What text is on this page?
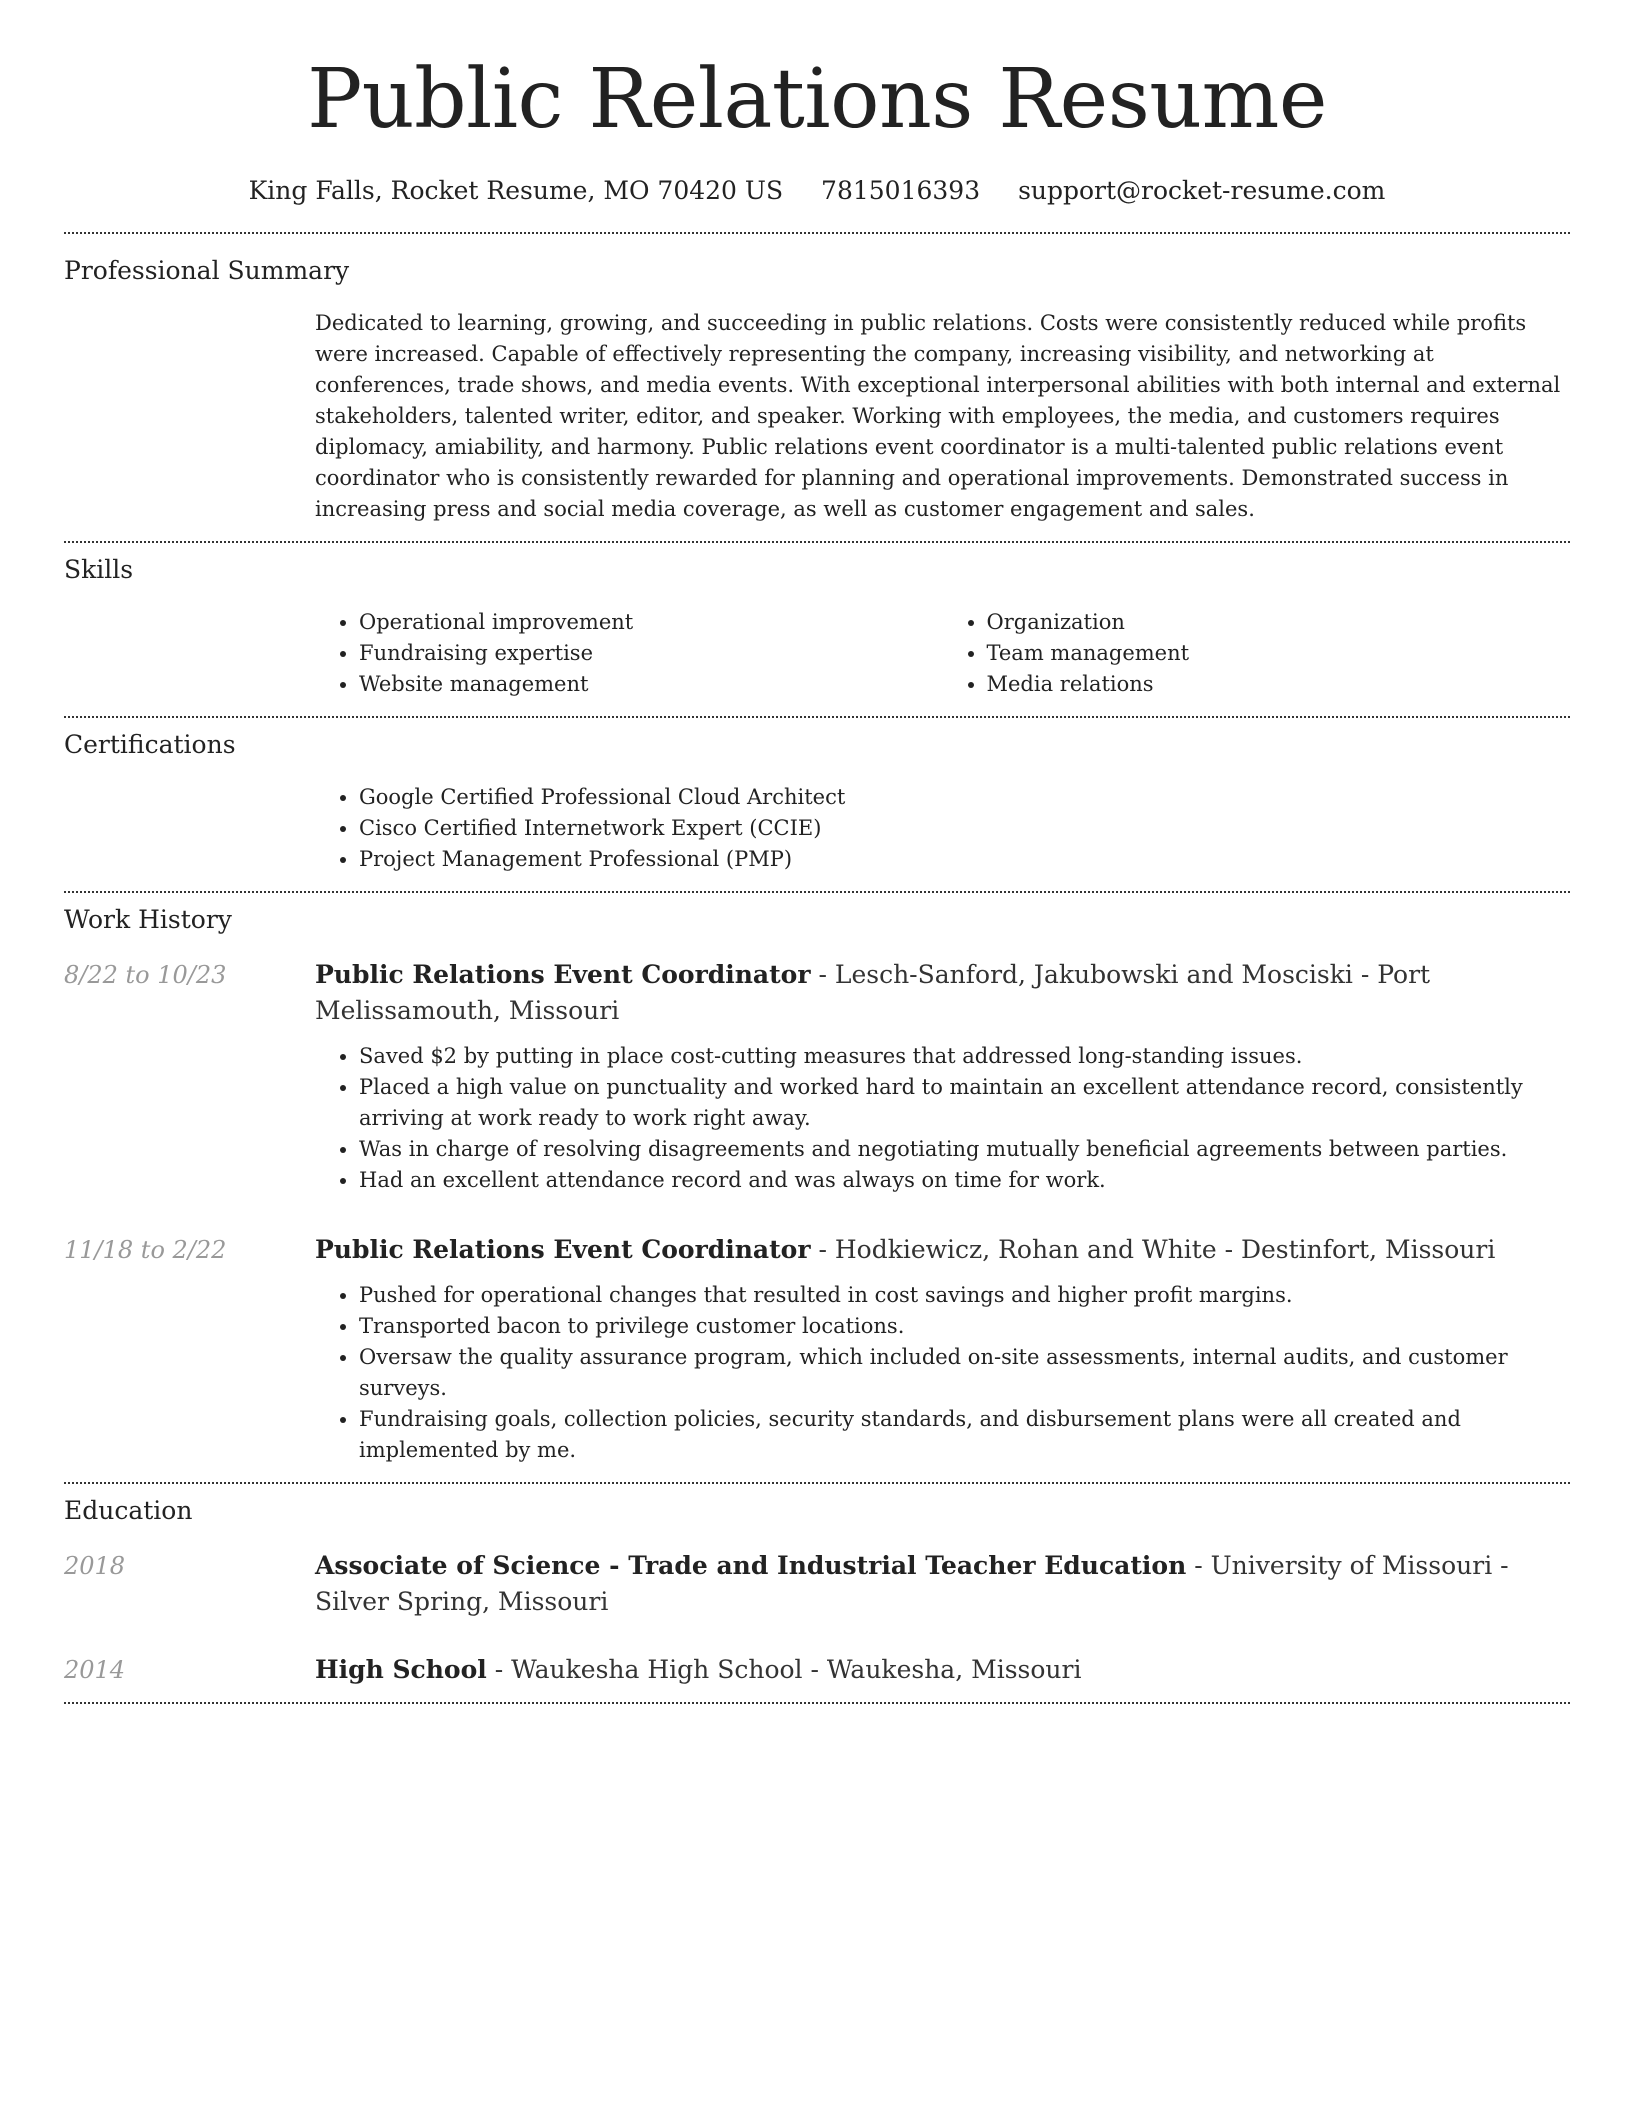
Public Relations Resume
King Falls, Rocket Resume, MO 70420 US 7815016393 support@rocket-resume.com
Professional Summary

Dedicated to learning, growing, and succeeding in public relations. Costs were consistently reduced while profits were increased. Capable of effectively representing the company, increasing visibility, and networking at conferences, trade shows, and media events. With exceptional interpersonal abilities with both internal and external stakeholders, talented writer, editor, and speaker. Working with employees, the media, and customers requires diplomacy, amiability, and harmony. Public relations event coordinator is a multi-talented public relations event coordinator who is consistently rewarded for planning and operational improvements. Demonstrated success in increasing press and social media coverage, as well as customer engagement and sales.

Skills
• Operational improvement
• Fundraising expertise
• Website management
• Organization
• Team management
• Media relations
Certifications
• Google Certified Professional Cloud Architect
• Cisco Certified Internetwork Expert (CCIE)
• Project Management Professional (PMP)
Work History
8/22 to 10/23	Public Relations Event Coordinator - Lesch-Sanford, Jakubowski and Mosciski - Port Melissamouth, Missouri

• Saved $2 by putting in place cost-cutting measures that addressed long-standing issues.
• Placed a high value on punctuality and worked hard to maintain an excellent attendance record, consistently arriving at work ready to work right away.
• Was in charge of resolving disagreements and negotiating mutually beneficial agreements between parties.
• Had an excellent attendance record and was always on time for work.
11/18 to 2/22	Public Relations Event Coordinator - Hodkiewicz, Rohan and White - Destinfort, Missouri

• Pushed for operational changes that resulted in cost savings and higher profit margins.
• Transported bacon to privilege customer locations.
• Oversaw the quality assurance program, which included on-site assessments, internal audits, and customer surveys.
• Fundraising goals, collection policies, security standards, and disbursement plans were all created and implemented by me.
Education
2018	Associate of Science - Trade and Industrial Teacher Education - University of Missouri - Silver Spring, Missouri

2014	High School - Waukesha High School - Waukesha, Missouri
